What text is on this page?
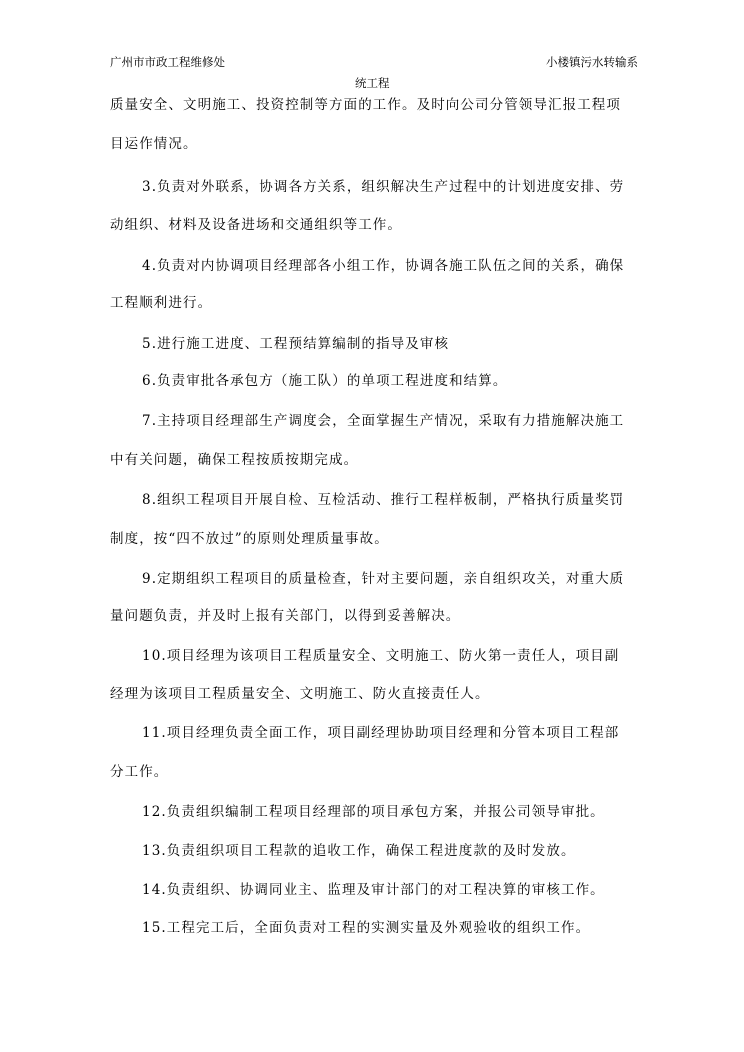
广州市市政工程维修处	小楼镇污水转输系
统工程

质量安全、文明施工、投资控制等方面的工作。及时向公司分管领导汇报工程项

目运作情况。

3.负责对外联系，协调各方关系，组织解决生产过程中的计划进度安排、劳

动组织、材料及设备进场和交通组织等工作。

4.负责对内协调项目经理部各小组工作，协调各施工队伍之间的关系，确保

工程顺利进行。

5.进行施工进度、工程预结算编制的指导及审核

6.负责审批各承包方（施工队）的单项工程进度和结算。

7.主持项目经理部生产调度会，全面掌握生产情况，采取有力措施解决施工

中有关问题，确保工程按质按期完成。

8.组织工程项目开展自检、互检活动、推行工程样板制，严格执行质量奖罚

制度，按“四不放过”的原则处理质量事故。

9.定期组织工程项目的质量检查，针对主要问题，亲自组织攻关，对重大质

量问题负责，并及时上报有关部门，以得到妥善解决。

10.项目经理为该项目工程质量安全、文明施工、防火第一责任人，项目副

经理为该项目工程质量安全、文明施工、防火直接责任人。

11.项目经理负责全面工作，项目副经理协助项目经理和分管本项目工程部

分工作。

12.负责组织编制工程项目经理部的项目承包方案，并报公司领导审批。

13.负责组织项目工程款的追收工作，确保工程进度款的及时发放。

14.负责组织、协调同业主、监理及审计部门的对工程决算的审核工作。

15.工程完工后，全面负责对工程的实测实量及外观验收的组织工作。
